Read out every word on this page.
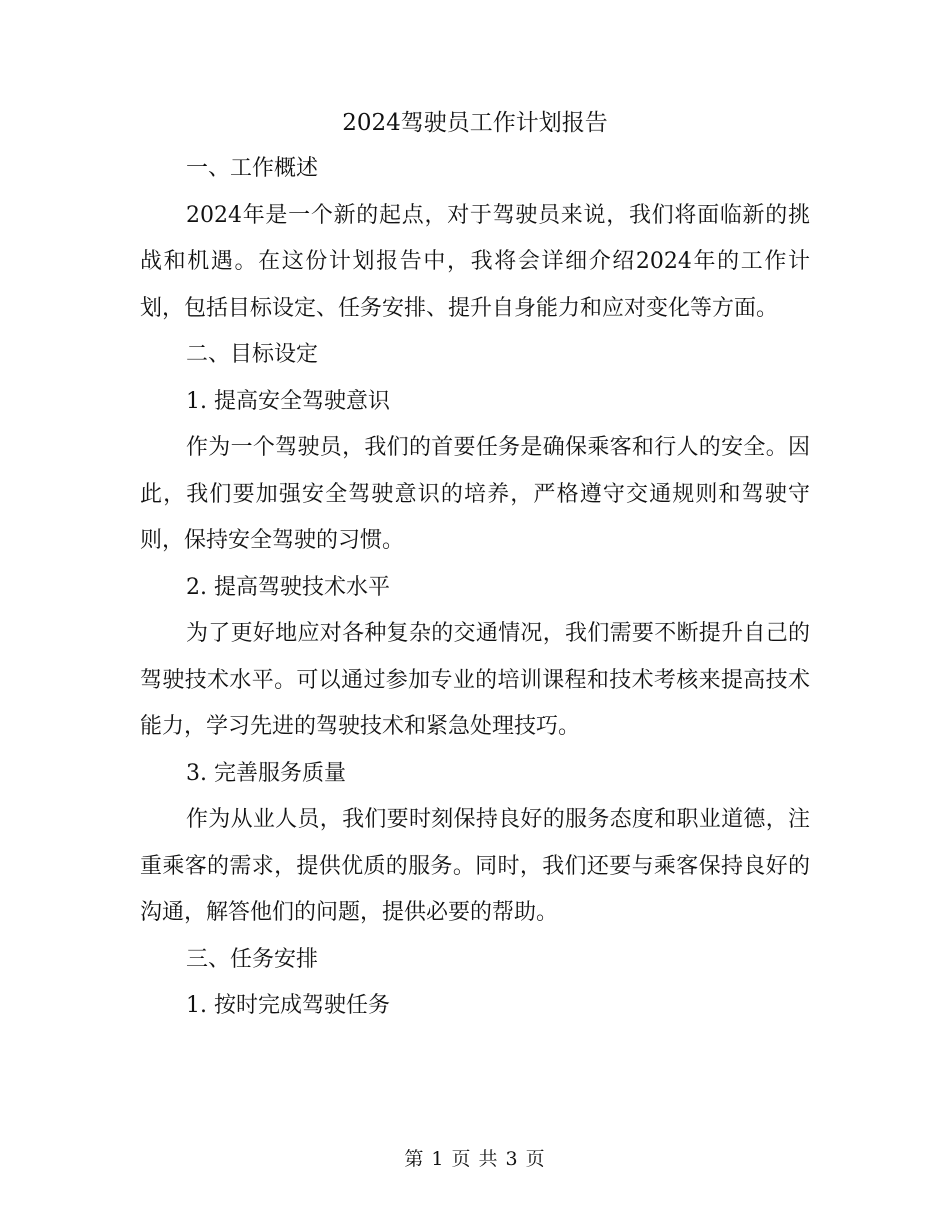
2024驾驶员工作计划报告

一、工作概述

2024年是一个新的起点，对于驾驶员来说，我们将面临新的挑战和机遇。在这份计划报告中，我将会详细介绍2024年的工作计划，包括目标设定、任务安排、提升自身能力和应对变化等方面。

二、目标设定

1. 提高安全驾驶意识

作为一个驾驶员，我们的首要任务是确保乘客和行人的安全。因此，我们要加强安全驾驶意识的培养，严格遵守交通规则和驾驶守则，保持安全驾驶的习惯。

2. 提高驾驶技术水平

为了更好地应对各种复杂的交通情况，我们需要不断提升自己的驾驶技术水平。可以通过参加专业的培训课程和技术考核来提高技术能力，学习先进的驾驶技术和紧急处理技巧。

3. 完善服务质量

作为从业人员，我们要时刻保持良好的服务态度和职业道德，注重乘客的需求，提供优质的服务。同时，我们还要与乘客保持良好的沟通，解答他们的问题，提供必要的帮助。

三、任务安排

1. 按时完成驾驶任务

第 1 页 共 3 页
